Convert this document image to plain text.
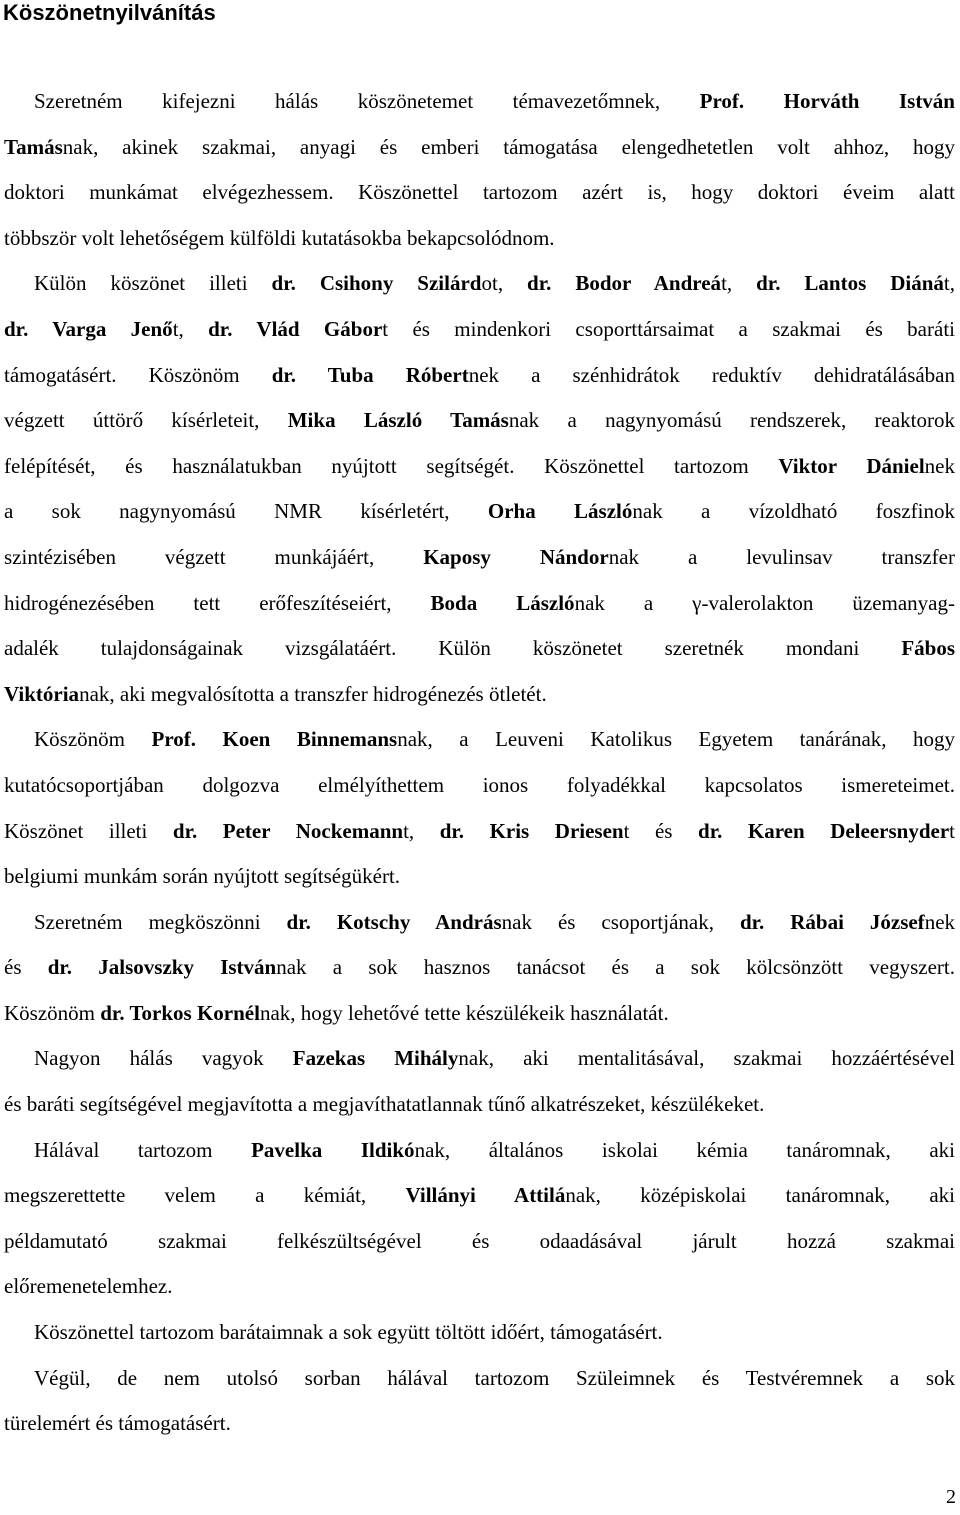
Köszönetnyilvánítás
Szeretném kifejezni hálás köszönetemet témavezetőmnek, Prof. Horváth István
Tamásnak, akinek szakmai, anyagi és emberi támogatása elengedhetetlen volt ahhoz, hogy
doktori munkámat elvégezhessem. Köszönettel tartozom azért is, hogy doktori éveim alatt
többször volt lehetőségem külföldi kutatásokba bekapcsolódnom.
Külön köszönet illeti dr. Csihony Szilárdot, dr. Bodor Andreát, dr. Lantos Diánát,
dr. Varga Jenőt, dr. Vlád Gábort és mindenkori csoporttársaimat a szakmai és baráti
támogatásért. Köszönöm dr. Tuba Róbertnek a szénhidrátok reduktív dehidratálásában
végzett úttörő kísérleteit, Mika László Tamásnak a nagynyomású rendszerek, reaktorok
felépítését, és használatukban nyújtott segítségét. Köszönettel tartozom Viktor Dánielnek
a sok nagynyomású NMR kísérletért, Orha Lászlónak a vízoldható foszfinok
szintézisében végzett munkájáért, Kaposy Nándornak a levulinsav transzfer
hidrogénezésében tett erőfeszítéseiért, Boda Lászlónak a γ-valerolakton üzemanyag-
adalék tulajdonságainak vizsgálatáért. Külön köszönetet szeretnék mondani Fábos
Viktórianak, aki megvalósította a transzfer hidrogénezés ötletét.
Köszönöm Prof. Koen Binnemansnak, a Leuveni Katolikus Egyetem tanárának, hogy
kutatócsoportjában dolgozva elmélyíthettem ionos folyadékkal kapcsolatos ismereteimet.
Köszönet illeti dr. Peter Nockemannt, dr. Kris Driesent és dr. Karen Deleersnydert
belgiumi munkám során nyújtott segítségükért.
Szeretném megköszönni dr. Kotschy Andrásnak és csoportjának, dr. Rábai Józsefnek
és dr. Jalsovszky Istvánnak a sok hasznos tanácsot és a sok kölcsönzött vegyszert.
Köszönöm dr. Torkos Kornélnak, hogy lehetővé tette készülékeik használatát.
Nagyon hálás vagyok Fazekas Mihálynak, aki mentalitásával, szakmai hozzáértésével
és baráti segítségével megjavította a megjavíthatatlannak tűnő alkatrészeket, készülékeket.
Hálával tartozom Pavelka Ildikónak, általános iskolai kémia tanáromnak, aki
megszerettette velem a kémiát, Villányi Attilának, középiskolai tanáromnak, aki
példamutató szakmai felkészültségével és odaadásával járult hozzá szakmai
előremenetelemhez.
Köszönettel tartozom barátaimnak a sok együtt töltött időért, támogatásért.
Végül, de nem utolsó sorban hálával tartozom Szüleimnek és Testvéremnek a sok
türelemért és támogatásért.
2
